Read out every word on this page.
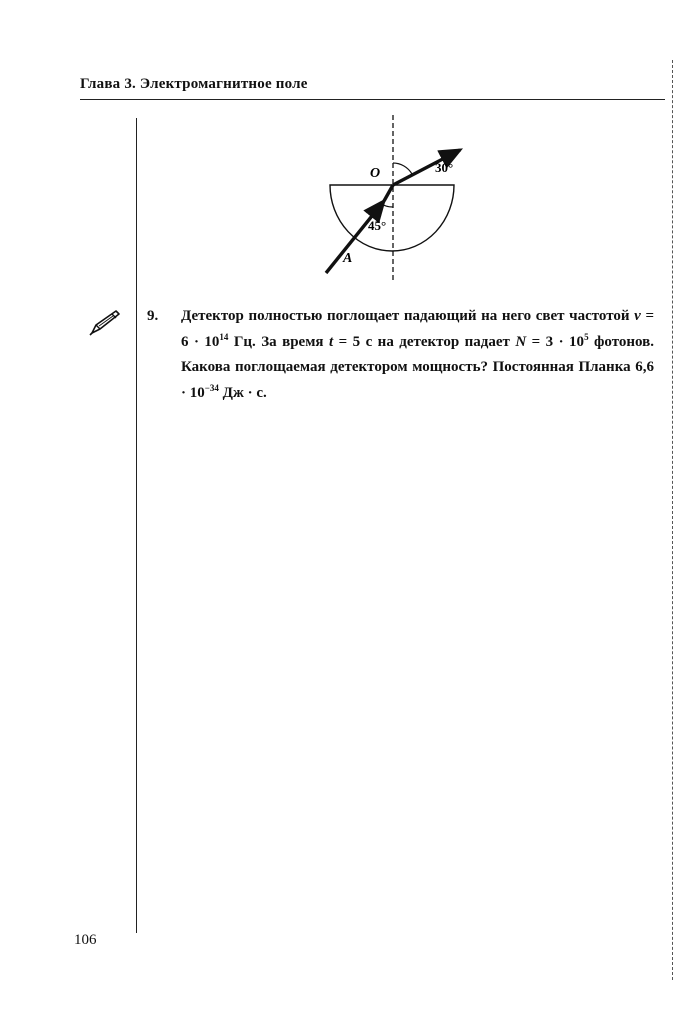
Глава 3. Электромагнитное поле
O
A
30°
45°
9. Детектор полностью поглощает падающий на него свет частотой $\nu = 6 \cdot 10^{14}$ Гц. За время t = 5 с на детектор падает $N = 3 \cdot 10^5$ фотонов. Какова поглощаемая детектором мощность? Постоянная Планка $6,6 \cdot 10^{-34}$ Дж · с.
106
